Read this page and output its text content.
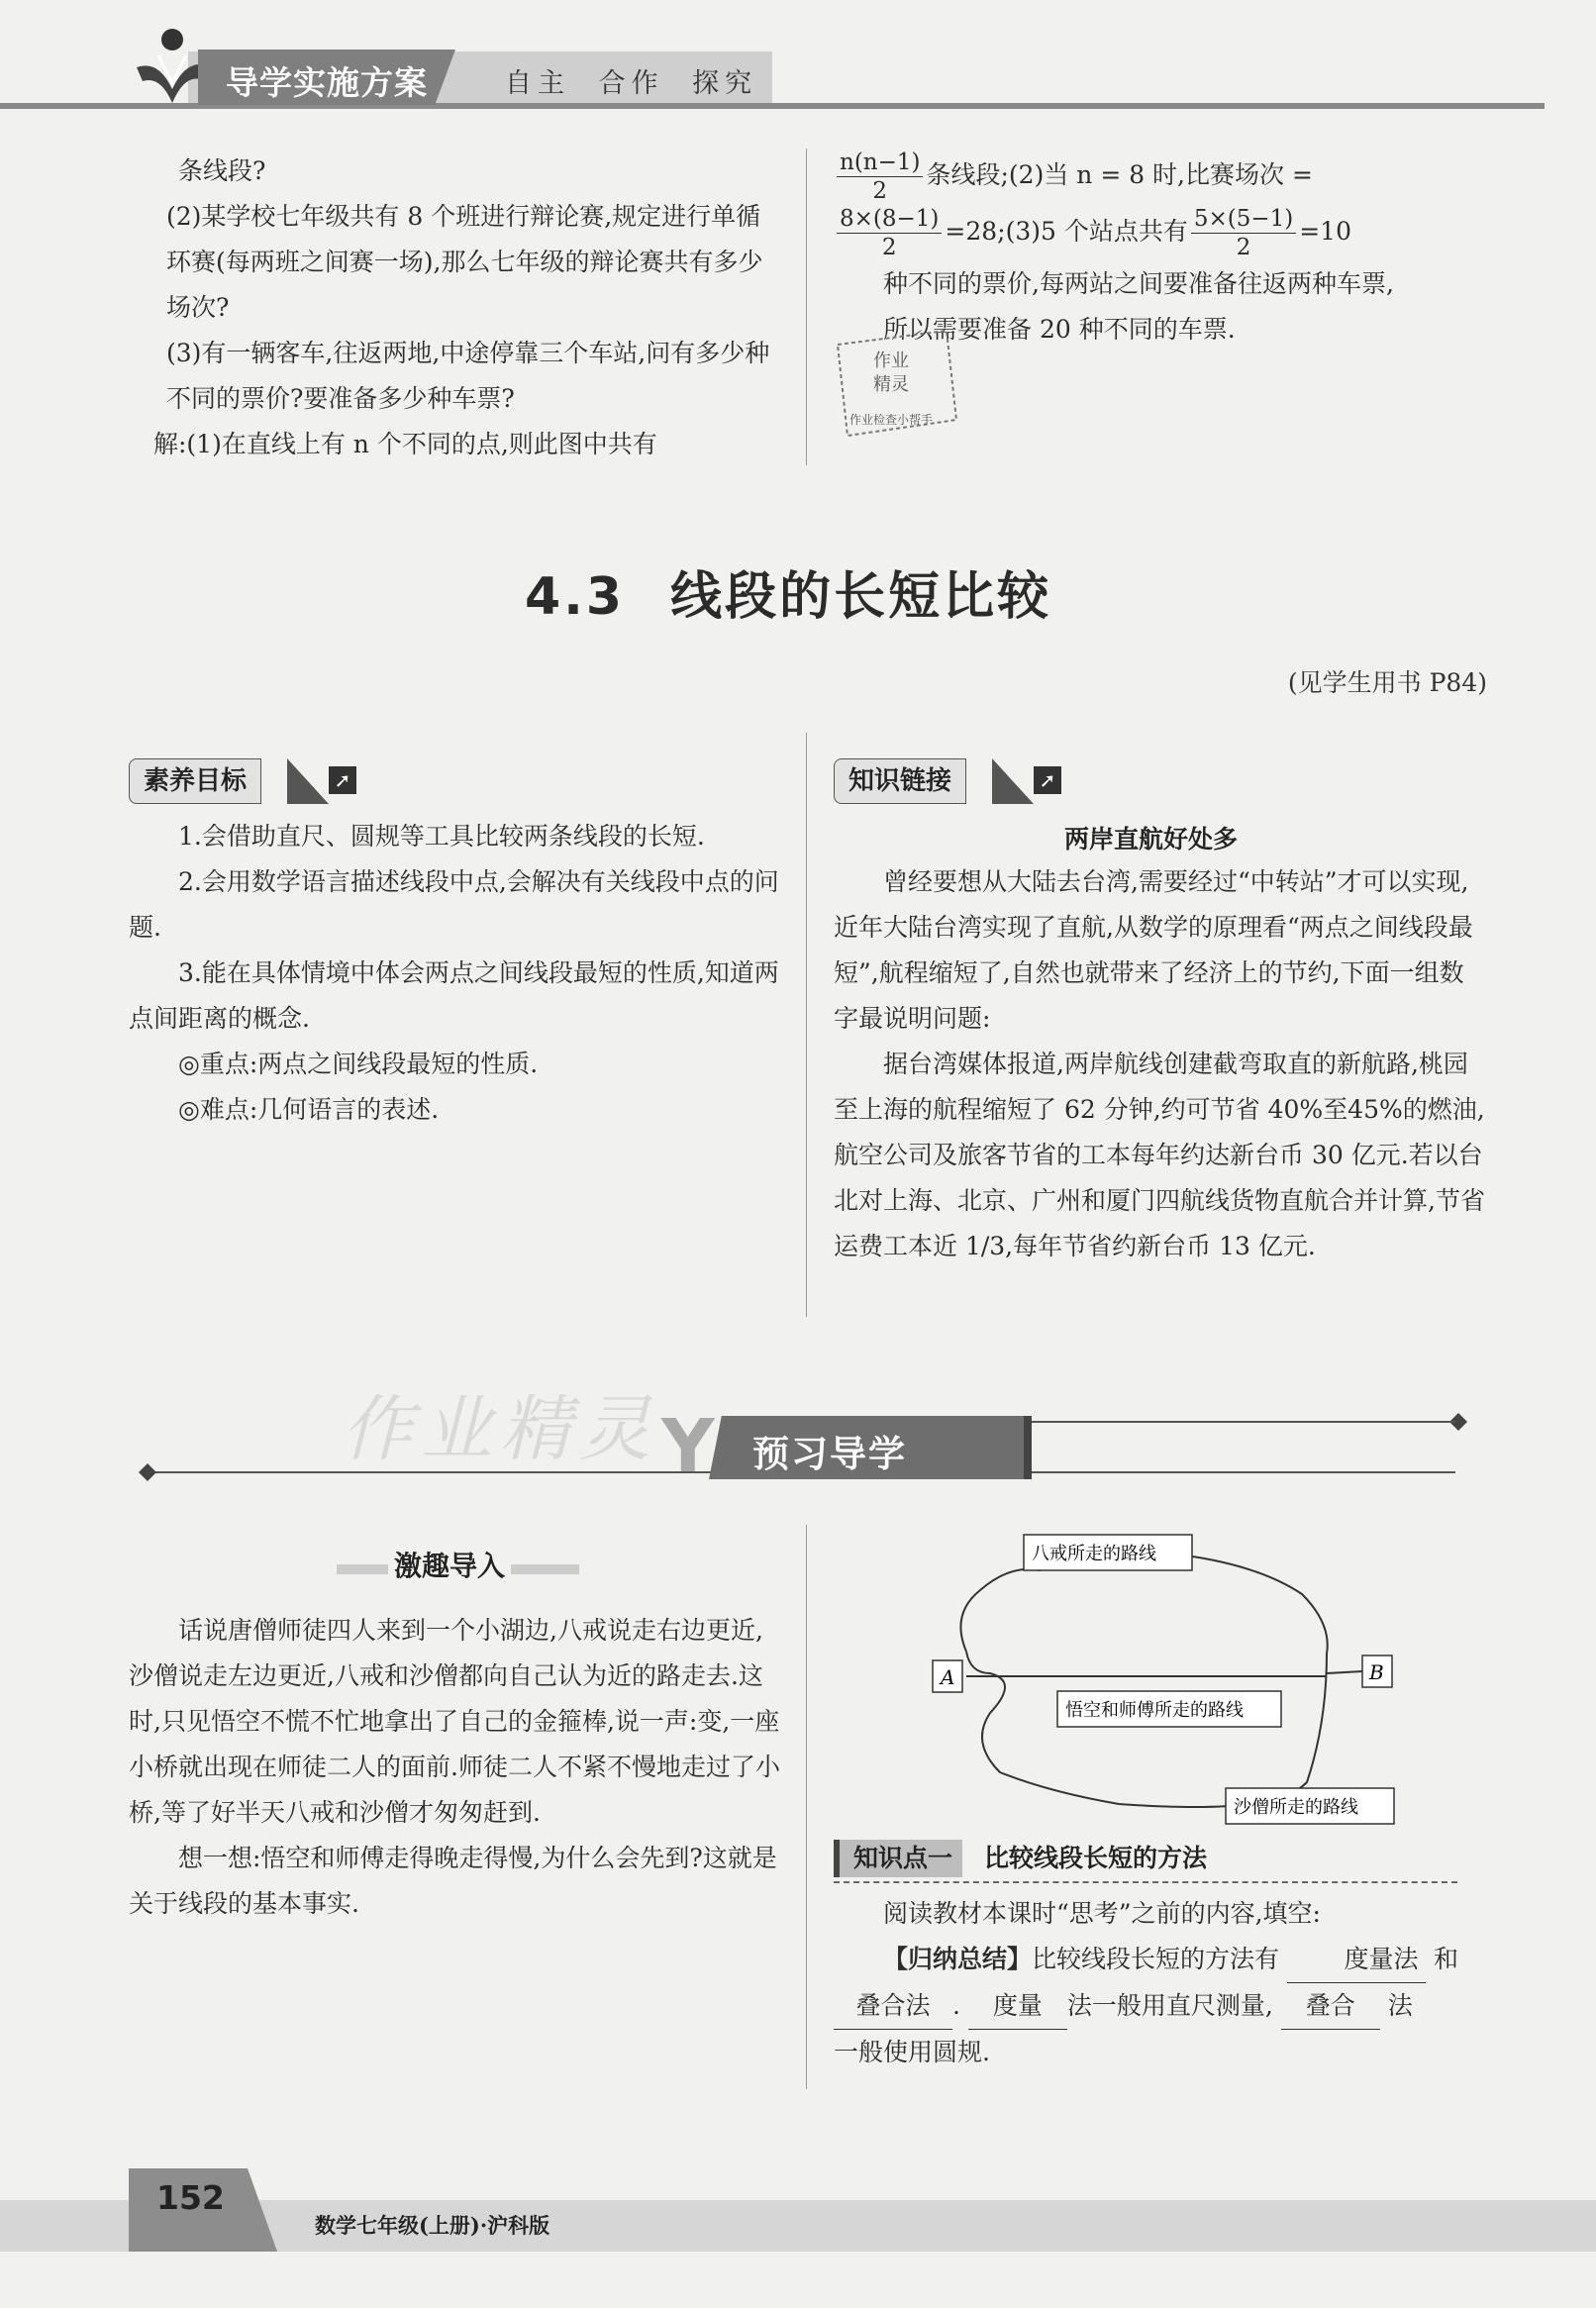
导学实施方案	自主 合作 探究
条线段?
(2)某学校七年级共有 8 个班进行辩论赛,规定进行单循环赛(每两班之间赛一场),那么七年级的辩论赛共有多少场次?
(3)有一辆客车,往返两地,中途停靠三个车站,问有多少种不同的票价?要准备多少种车票?
解:(1)在直线上有 n 个不同的点,则此图中共有
$\frac{n(n-1)}{2}$ 条线段;(2)当 n = 8 时,比赛场次 =
$\frac{8\times(8-1)}{2}$ =28;(3)5 个站点共有 $\frac{5\times(5-1)}{2} =10$
种不同的票价,每两站之间要准备往返两种车票,
所以需要准备 20 种不同的车票.
作业
精灵
作业检查小帮手
4.3 线段的长短比较
(见学生用书 P84)
素养目标	➚
1.会借助直尺、圆规等工具比较两条线段的长短.
2.会用数学语言描述线段中点,会解决有关线段中点的问题.
3.能在具体情境中体会两点之间线段最短的性质,知道两点间距离的概念.
◎重点:两点之间线段最短的性质.
◎难点:几何语言的表述.
知识链接	➚
两岸直航好处多
曾经要想从大陆去台湾,需要经过“中转站”才可以实现,近年大陆台湾实现了直航,从数学的原理看“两点之间线段最短”,航程缩短了,自然也就带来了经济上的节约,下面一组数字最说明问题:
据台湾媒体报道,两岸航线创建截弯取直的新航路,桃园至上海的航程缩短了 62 分钟,约可节省 40%至45%的燃油,航空公司及旅客节省的工本每年约达新台币 30 亿元.若以台北对上海、北京、广州和厦门四航线货物直航合并计算,节省运费工本近 1/3,每年节省约新台币 13 亿元.
作业精灵 Y 预习导学
激趣导入
话说唐僧师徒四人来到一个小湖边,八戒说走右边更近,沙僧说走左边更近,八戒和沙僧都向自己认为近的路走去.这时,只见悟空不慌不忙地拿出了自己的金箍棒,说一声:变,一座小桥就出现在师徒二人的面前.师徒二人不紧不慢地走过了小桥,等了好半天八戒和沙僧才匆匆赶到.
想一想:悟空和师傅走得晚走得慢,为什么会先到?这就是关于线段的基本事实.
A	B
八戒所走的路线
悟空和师傅所走的路线
沙僧所走的路线
知识点一	比较线段长短的方法
阅读教材本课时“思考”之前的内容,填空:
【归纳总结】比较线段长短的方法有	度量法 和
叠合法 . 度量 法一般用直尺测量, 叠合 法
一般使用圆规.
152
数学七年级(上册)·沪科版
